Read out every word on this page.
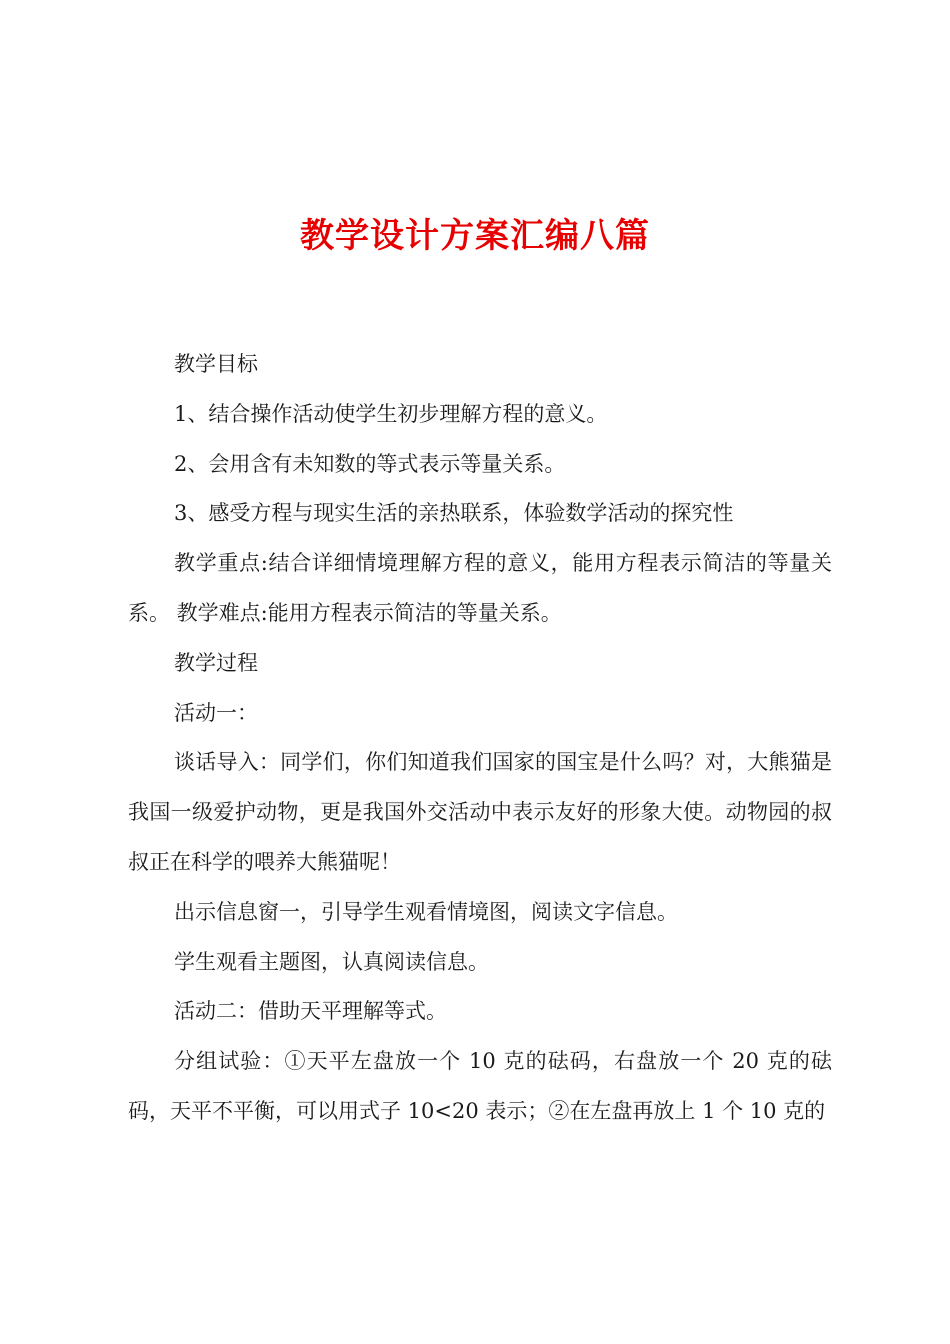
教学设计方案汇编八篇

教学目标

1、结合操作活动使学生初步理解方程的意义。

2、会用含有未知数的等式表示等量关系。

3、感受方程与现实生活的亲热联系，体验数学活动的探究性

教学重点:结合详细情境理解方程的意义，能用方程表示简洁的等量关系。 教学难点:能用方程表示简洁的等量关系。

教学过程

活动一：

谈话导入：同学们，你们知道我们国家的国宝是什么吗？对，大熊猫是我国一级爱护动物，更是我国外交活动中表示友好的形象大使。动物园的叔叔正在科学的喂养大熊猫呢！

出示信息窗一，引导学生观看情境图，阅读文字信息。

学生观看主题图，认真阅读信息。

活动二：借助天平理解等式。

分组试验：①天平左盘放一个 10 克的砝码，右盘放一个 20 克的砝码，天平不平衡，可以用式子 10<20 表示；②在左盘再放上 1 个 10 克的
